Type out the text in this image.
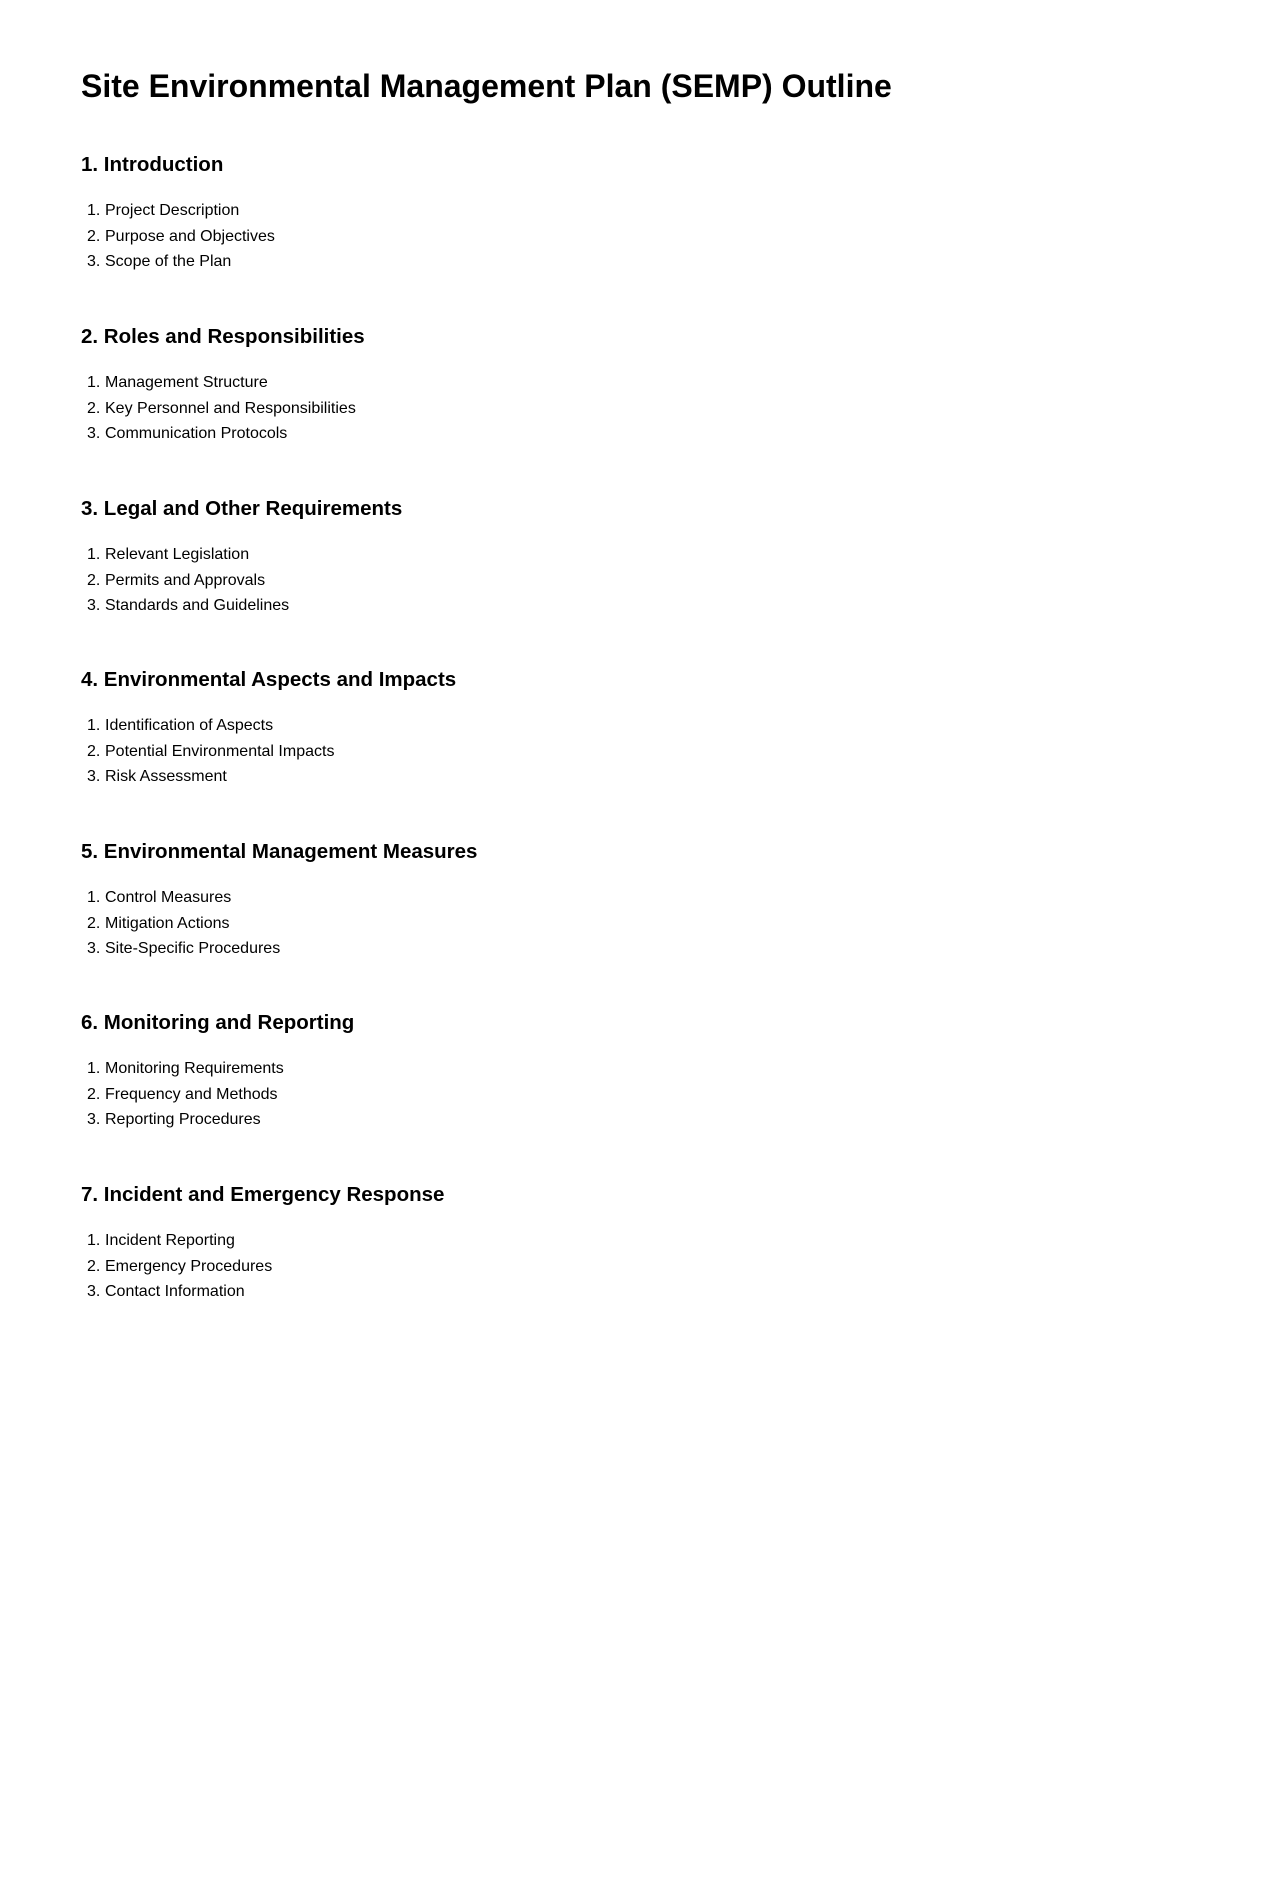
Site Environmental Management Plan (SEMP) Outline
1. Introduction
1. Project Description
2. Purpose and Objectives
3. Scope of the Plan
2. Roles and Responsibilities
1. Management Structure
2. Key Personnel and Responsibilities
3. Communication Protocols
3. Legal and Other Requirements
1. Relevant Legislation
2. Permits and Approvals
3. Standards and Guidelines
4. Environmental Aspects and Impacts
1. Identification of Aspects
2. Potential Environmental Impacts
3. Risk Assessment
5. Environmental Management Measures
1. Control Measures
2. Mitigation Actions
3. Site-Specific Procedures
6. Monitoring and Reporting
1. Monitoring Requirements
2. Frequency and Methods
3. Reporting Procedures
7. Incident and Emergency Response
1. Incident Reporting
2. Emergency Procedures
3. Contact Information
